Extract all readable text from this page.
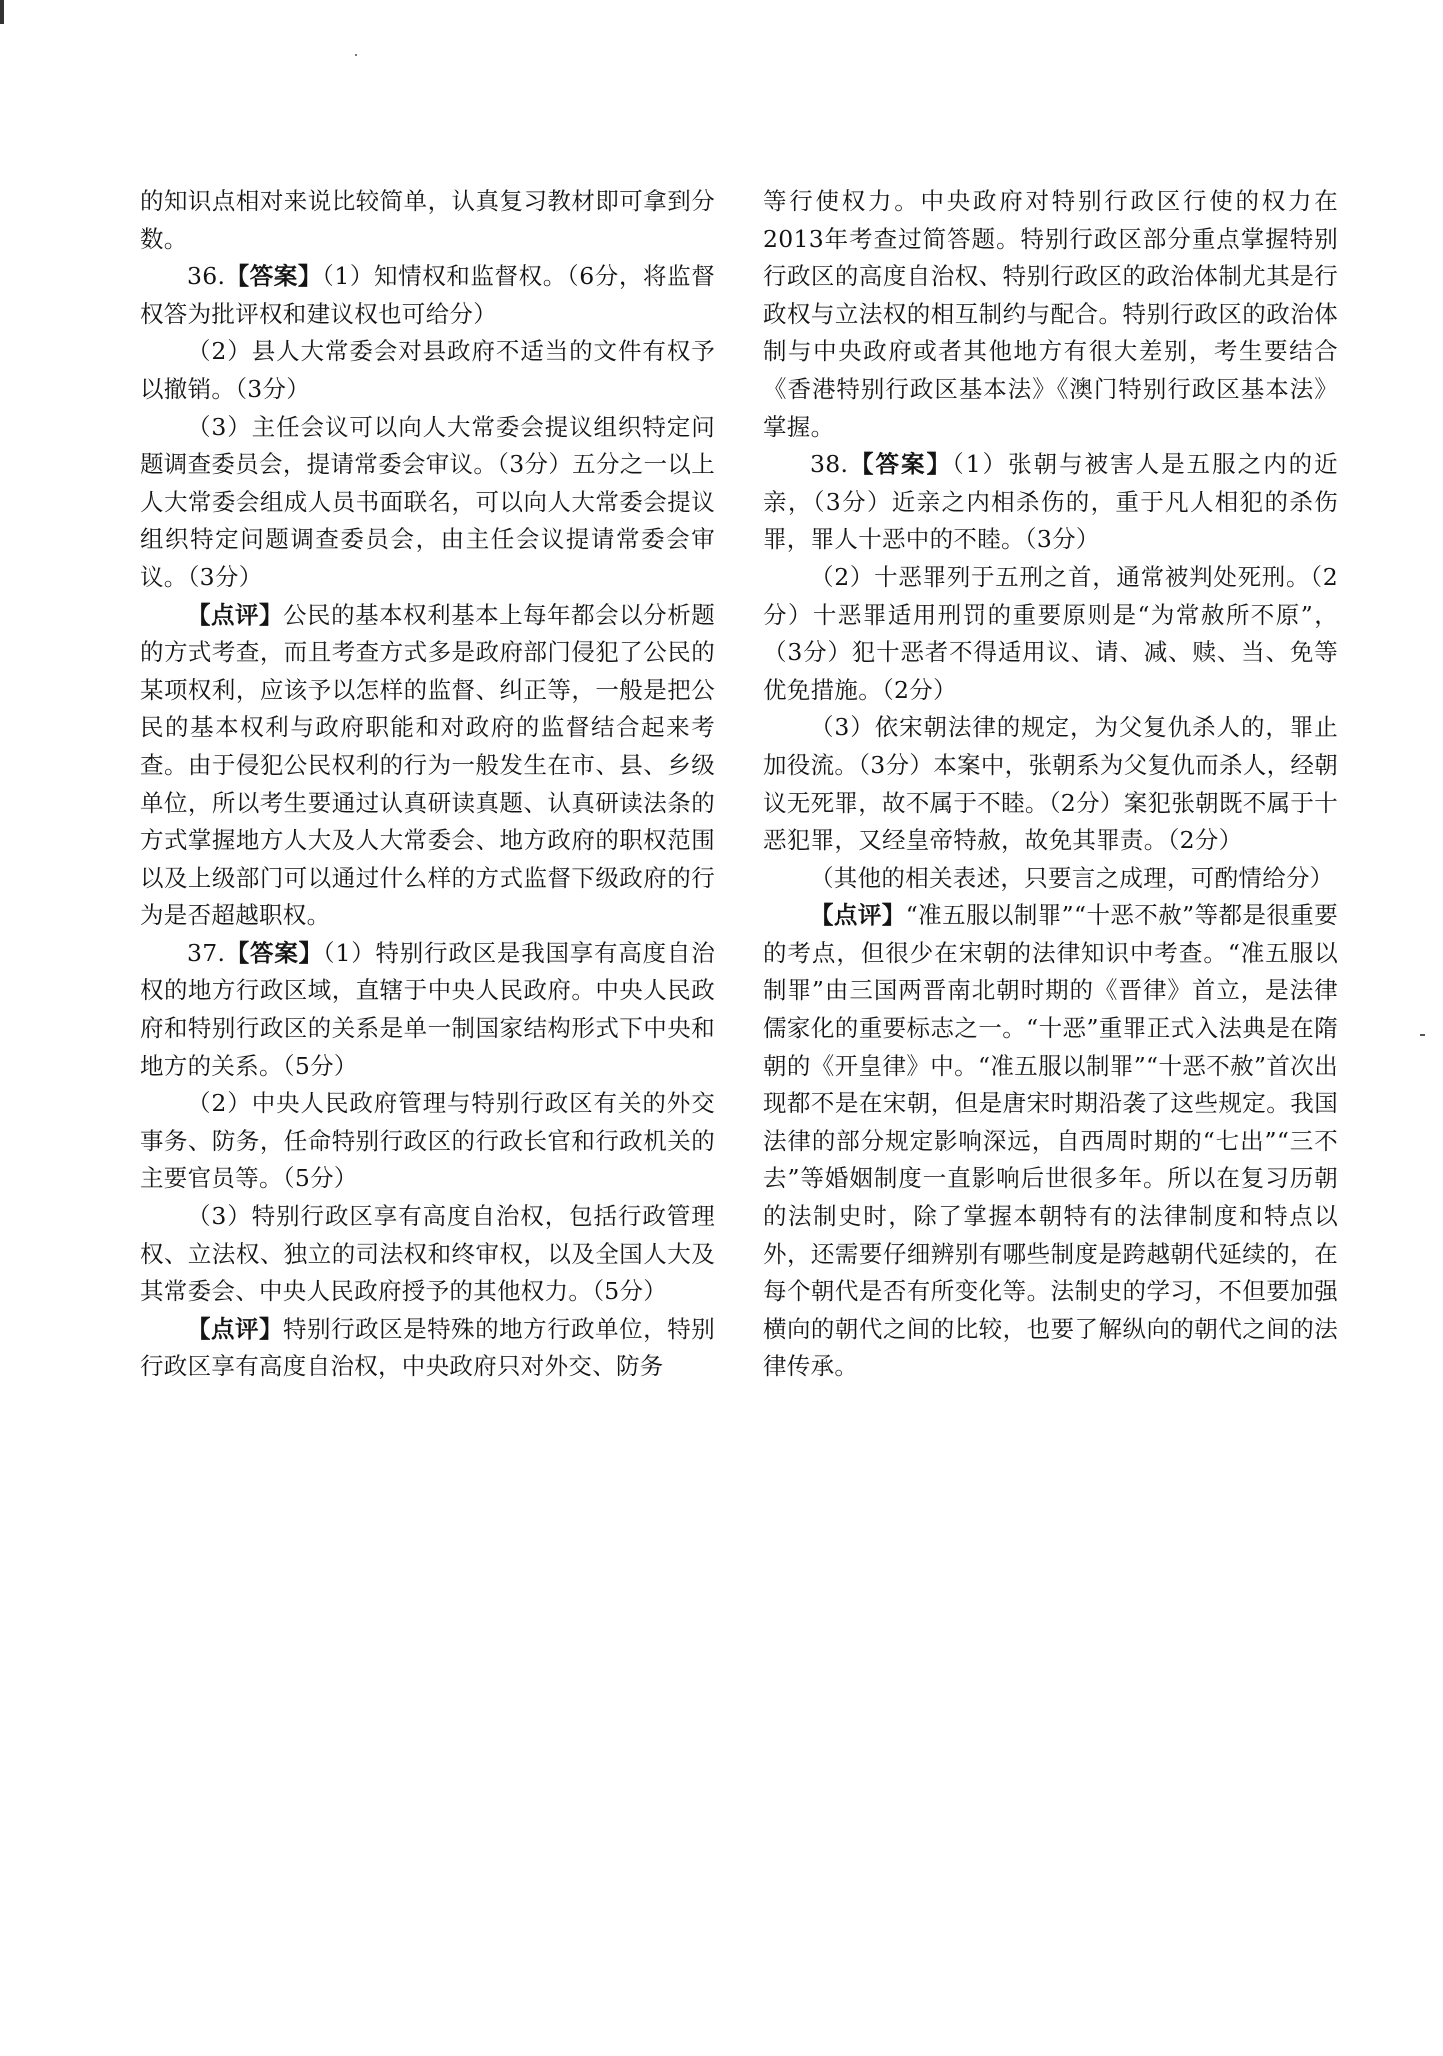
的知识点相对来说比较简单，认真复习教材即可拿到分数。

36.【答案】（1）知情权和监督权。（6分，将监督权答为批评权和建议权也可给分）

（2）县人大常委会对县政府不适当的文件有权予以撤销。（3分）

（3）主任会议可以向人大常委会提议组织特定问题调查委员会，提请常委会审议。（3分）五分之一以上人大常委会组成人员书面联名，可以向人大常委会提议组织特定问题调查委员会，由主任会议提请常委会审议。（3分）

【点评】公民的基本权利基本上每年都会以分析题的方式考查，而且考查方式多是政府部门侵犯了公民的某项权利，应该予以怎样的监督、纠正等，一般是把公民的基本权利与政府职能和对政府的监督结合起来考查。由于侵犯公民权利的行为一般发生在市、县、乡级单位，所以考生要通过认真研读真题、认真研读法条的方式掌握地方人大及人大常委会、地方政府的职权范围以及上级部门可以通过什么样的方式监督下级政府的行为是否超越职权。

37.【答案】（1）特别行政区是我国享有高度自治权的地方行政区域，直辖于中央人民政府。中央人民政府和特别行政区的关系是单一制国家结构形式下中央和地方的关系。（5分）

（2）中央人民政府管理与特别行政区有关的外交事务、防务，任命特别行政区的行政长官和行政机关的主要官员等。（5分）

（3）特别行政区享有高度自治权，包括行政管理权、立法权、独立的司法权和终审权，以及全国人大及其常委会、中央人民政府授予的其他权力。（5分）

【点评】特别行政区是特殊的地方行政单位，特别行政区享有高度自治权，中央政府只对外交、防务

等行使权力。中央政府对特别行政区行使的权力在2013年考查过简答题。特别行政区部分重点掌握特别行政区的高度自治权、特别行政区的政治体制尤其是行政权与立法权的相互制约与配合。特别行政区的政治体制与中央政府或者其他地方有很大差别，考生要结合《香港特别行政区基本法》《澳门特别行政区基本法》掌握。

38.【答案】（1）张朝与被害人是五服之内的近亲，（3分）近亲之内相杀伤的，重于凡人相犯的杀伤罪，罪人十恶中的不睦。（3分）

（2）十恶罪列于五刑之首，通常被判处死刑。（2分）十恶罪适用刑罚的重要原则是“为常赦所不原”，（3分）犯十恶者不得适用议、请、减、赎、当、免等优免措施。（2分）

（3）依宋朝法律的规定，为父复仇杀人的，罪止加役流。（3分）本案中，张朝系为父复仇而杀人，经朝议无死罪，故不属于不睦。（2分）案犯张朝既不属于十恶犯罪，又经皇帝特赦，故免其罪责。（2分）

（其他的相关表述，只要言之成理，可酌情给分）

【点评】“准五服以制罪”“十恶不赦”等都是很重要的考点，但很少在宋朝的法律知识中考查。“准五服以制罪”由三国两晋南北朝时期的《晋律》首立，是法律儒家化的重要标志之一。“十恶”重罪正式入法典是在隋朝的《开皇律》中。“准五服以制罪”“十恶不赦”首次出现都不是在宋朝，但是唐宋时期沿袭了这些规定。我国法律的部分规定影响深远，自西周时期的“七出”“三不去”等婚姻制度一直影响后世很多年。所以在复习历朝的法制史时，除了掌握本朝特有的法律制度和特点以外，还需要仔细辨别有哪些制度是跨越朝代延续的，在每个朝代是否有所变化等。法制史的学习，不但要加强横向的朝代之间的比较，也要了解纵向的朝代之间的法律传承。
